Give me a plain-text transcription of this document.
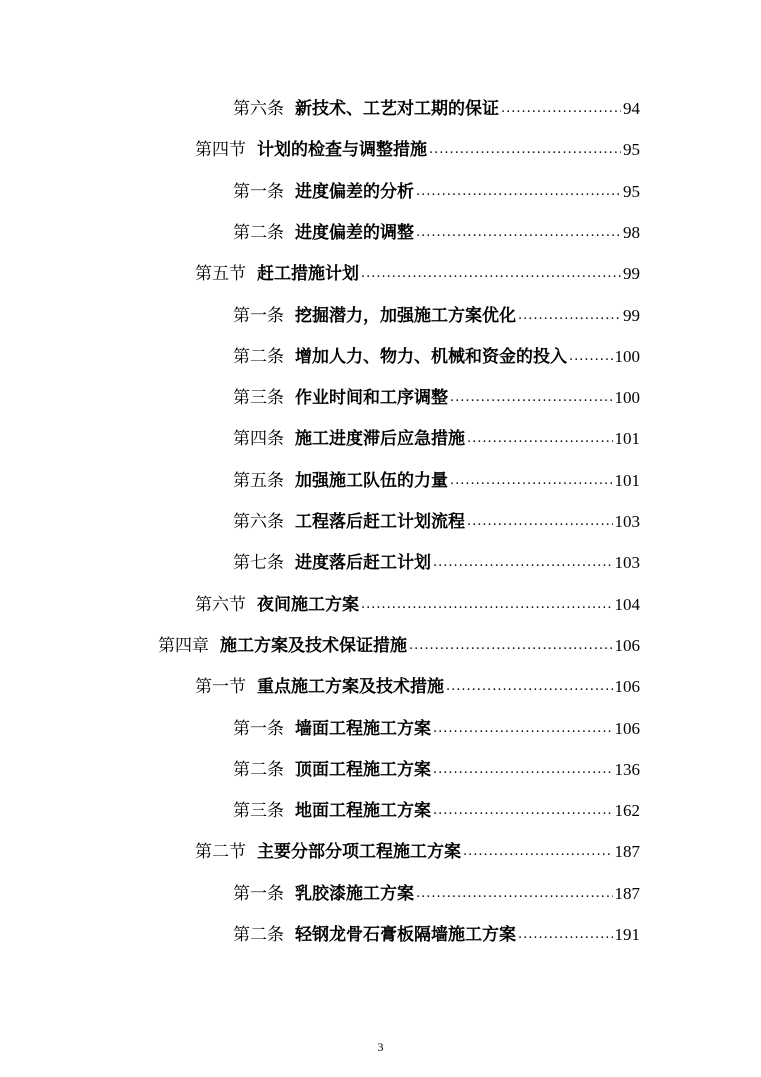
第六条 新技术、工艺对工期的保证 .....	94
第四节 计划的检查与调整措施 .....	95
第一条 进度偏差的分析 .....	95
第二条 进度偏差的调整 .....	98
第五节 赶工措施计划 .....	99
第一条 挖掘潜力，加强施工方案优化 .....	99
第二条 增加人力、物力、机械和资金的投入 .....	100
第三条 作业时间和工序调整 .....	100
第四条 施工进度滞后应急措施 .....	101
第五条 加强施工队伍的力量 .....	101
第六条 工程落后赶工计划流程 .....	103
第七条 进度落后赶工计划 .....	103
第六节 夜间施工方案 .....	104
第四章 施工方案及技术保证措施 .....	106
第一节 重点施工方案及技术措施 .....	106
第一条 墙面工程施工方案 .....	106
第二条 顶面工程施工方案 .....	136
第三条 地面工程施工方案 .....	162
第二节 主要分部分项工程施工方案 .....	187
第一条 乳胶漆施工方案 .....	187
第二条 轻钢龙骨石膏板隔墙施工方案 .....	191
3
